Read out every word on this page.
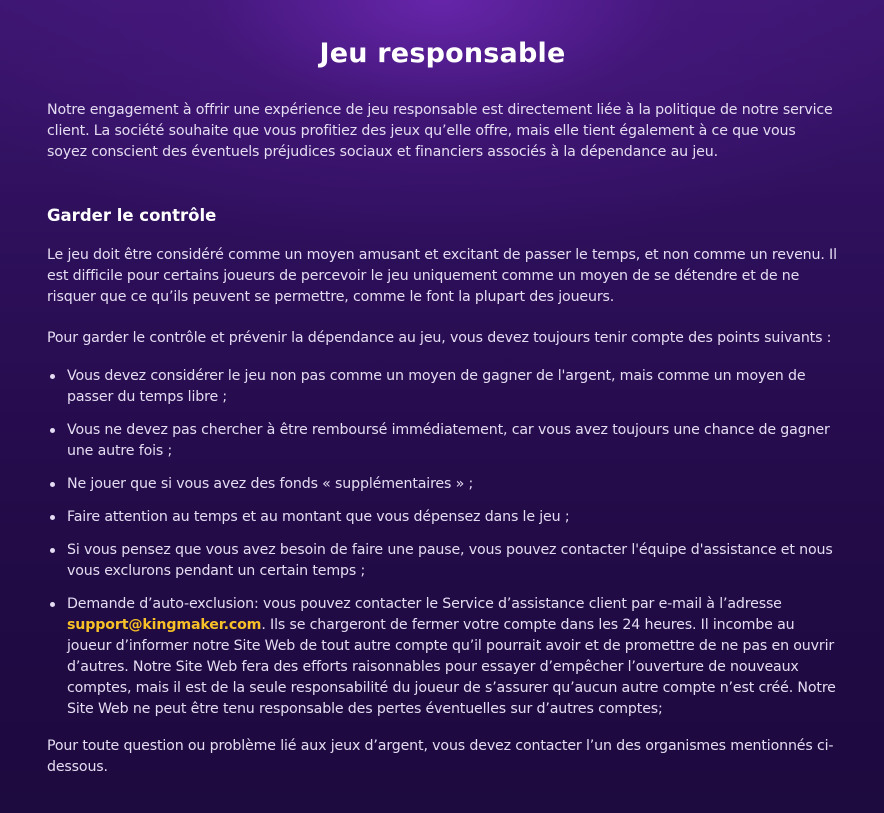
Jeu responsable

Notre engagement à offrir une expérience de jeu responsable est directement liée à la politique de notre service client. La société souhaite que vous profitiez des jeux qu’elle offre, mais elle tient également à ce que vous soyez conscient des éventuels préjudices sociaux et financiers associés à la dépendance au jeu.

Garder le contrôle

Le jeu doit être considéré comme un moyen amusant et excitant de passer le temps, et non comme un revenu. Il est difficile pour certains joueurs de percevoir le jeu uniquement comme un moyen de se détendre et de ne risquer que ce qu’ils peuvent se permettre, comme le font la plupart des joueurs.

Pour garder le contrôle et prévenir la dépendance au jeu, vous devez toujours tenir compte des points suivants :

Vous devez considérer le jeu non pas comme un moyen de gagner de l'argent, mais comme un moyen de passer du temps libre ;
Vous ne devez pas chercher à être remboursé immédiatement, car vous avez toujours une chance de gagner une autre fois ;
Ne jouer que si vous avez des fonds « supplémentaires » ;
Faire attention au temps et au montant que vous dépensez dans le jeu ;
Si vous pensez que vous avez besoin de faire une pause, vous pouvez contacter l'équipe d'assistance et nous vous exclurons pendant un certain temps ;
Demande d’auto-exclusion: vous pouvez contacter le Service d’assistance client par e-mail à l’adresse support@kingmaker.com. Ils se chargeront de fermer votre compte dans les 24 heures. Il incombe au joueur d’informer notre Site Web de tout autre compte qu’il pourrait avoir et de promettre de ne pas en ouvrir d’autres. Notre Site Web fera des efforts raisonnables pour essayer d’empêcher l’ouverture de nouveaux comptes, mais il est de la seule responsabilité du joueur de s’assurer qu’aucun autre compte n’est créé. Notre Site Web ne peut être tenu responsable des pertes éventuelles sur d’autres comptes;

Pour toute question ou problème lié aux jeux d’argent, vous devez contacter l’un des organismes mentionnés ci-dessous.
